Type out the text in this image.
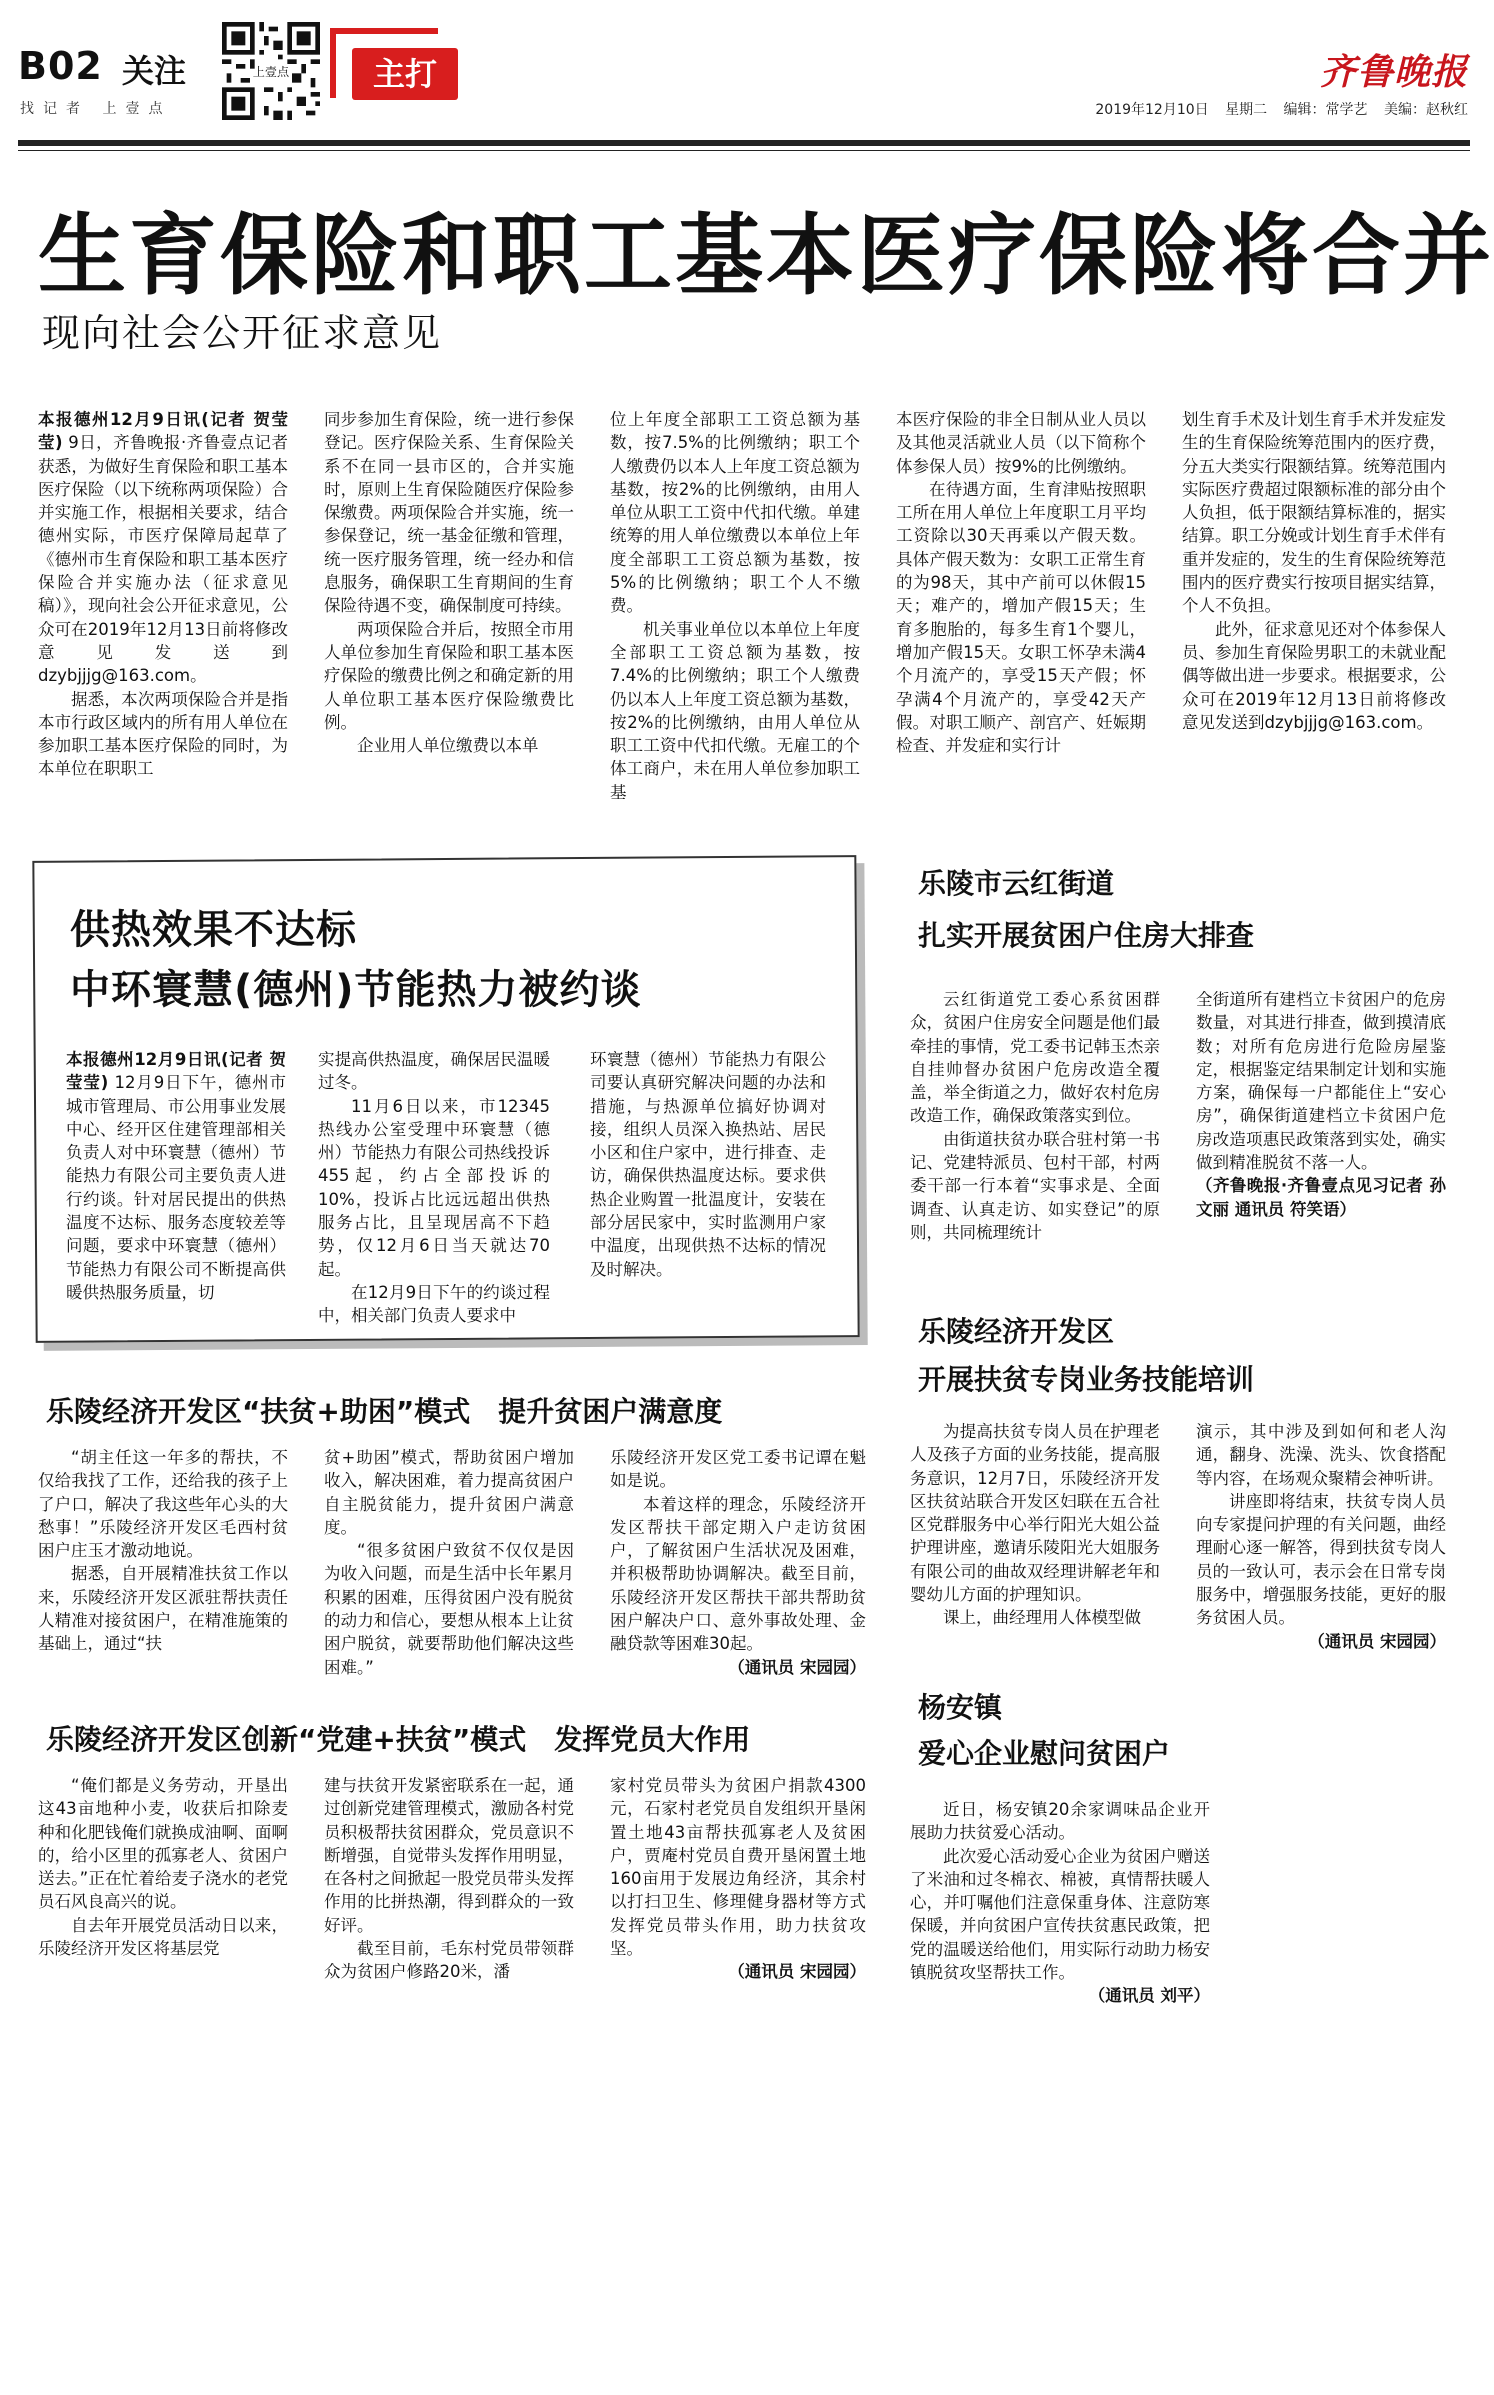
B02 关注
找记者 上壹点
上壹点	主打	齐鲁晚报
2019年12月10日 星期二 编辑：常学艺 美编：赵秋红
生育保险和职工基本医疗保险将合并
现向社会公开征求意见

本报德州12月9日讯(记者 贺莹莹) 9日，齐鲁晚报·齐鲁壹点记者获悉，为做好生育保险和职工基本医疗保险（以下统称两项保险）合并实施工作，根据相关要求，结合德州实际，市医疗保障局起草了《德州市生育保险和职工基本医疗保险合并实施办法（征求意见稿）》，现向社会公开征求意见，公众可在2019年12月13日前将修改意见发送到dzybjjjg@163.com。

据悉，本次两项保险合并是指本市行政区域内的所有用人单位在参加职工基本医疗保险的同时，为本单位在职职工

同步参加生育保险，统一进行参保登记。医疗保险关系、生育保险关系不在同一县市区的，合并实施时，原则上生育保险随医疗保险参保缴费。两项保险合并实施，统一参保登记，统一基金征缴和管理，统一医疗服务管理，统一经办和信息服务，确保职工生育期间的生育保险待遇不变，确保制度可持续。

两项保险合并后，按照全市用人单位参加生育保险和职工基本医疗保险的缴费比例之和确定新的用人单位职工基本医疗保险缴费比例。

企业用人单位缴费以本单

位上年度全部职工工资总额为基数，按7.5%的比例缴纳；职工个人缴费仍以本人上年度工资总额为基数，按2%的比例缴纳，由用人单位从职工工资中代扣代缴。单建统筹的用人单位缴费以本单位上年度全部职工工资总额为基数，按5%的比例缴纳；职工个人不缴费。

机关事业单位以本单位上年度全部职工工资总额为基数，按7.4%的比例缴纳；职工个人缴费仍以本人上年度工资总额为基数，按2%的比例缴纳，由用人单位从职工工资中代扣代缴。无雇工的个体工商户，未在用人单位参加职工基

本医疗保险的非全日制从业人员以及其他灵活就业人员（以下简称个体参保人员）按9%的比例缴纳。

在待遇方面，生育津贴按照职工所在用人单位上年度职工月平均工资除以30天再乘以产假天数。具体产假天数为：女职工正常生育的为98天，其中产前可以休假15天；难产的，增加产假15天；生育多胞胎的，每多生育1个婴儿，增加产假15天。女职工怀孕未满4个月流产的，享受15天产假；怀孕满4个月流产的，享受42天产假。对职工顺产、剖宫产、妊娠期检查、并发症和实行计

划生育手术及计划生育手术并发症发生的生育保险统筹范围内的医疗费，分五大类实行限额结算。统筹范围内实际医疗费超过限额标准的部分由个人负担，低于限额结算标准的，据实结算。职工分娩或计划生育手术伴有重并发症的，发生的生育保险统筹范围内的医疗费实行按项目据实结算，个人不负担。

此外，征求意见还对个体参保人员、参加生育保险男职工的未就业配偶等做出进一步要求。根据要求，公众可在2019年12月13日前将修改意见发送到dzybjjjg@163.com。

供热效果不达标
中环寰慧(德州)节能热力被约谈

本报德州12月9日讯(记者 贺莹莹) 12月9日下午，德州市城市管理局、市公用事业发展中心、经开区住建管理部相关负责人对中环寰慧（德州）节能热力有限公司主要负责人进行约谈。针对居民提出的供热温度不达标、服务态度较差等问题，要求中环寰慧（德州）节能热力有限公司不断提高供暖供热服务质量，切

实提高供热温度，确保居民温暖过冬。

11月6日以来，市12345热线办公室受理中环寰慧（德州）节能热力有限公司热线投诉455起，约占全部投诉的10%，投诉占比远远超出供热服务占比，且呈现居高不下趋势，仅12月6日当天就达70起。

在12月9日下午的约谈过程中，相关部门负责人要求中

环寰慧（德州）节能热力有限公司要认真研究解决问题的办法和措施，与热源单位搞好协调对接，组织人员深入换热站、居民小区和住户家中，进行排查、走访，确保供热温度达标。要求供热企业购置一批温度计，安装在部分居民家中，实时监测用户家中温度，出现供热不达标的情况及时解决。

乐陵市云红街道
扎实开展贫困户住房大排查

云红街道党工委心系贫困群众，贫困户住房安全问题是他们最牵挂的事情，党工委书记韩玉杰亲自挂帅督办贫困户危房改造全覆盖，举全街道之力，做好农村危房改造工作，确保政策落实到位。

由街道扶贫办联合驻村第一书记、党建特派员、包村干部，村两委干部一行本着“实事求是、全面调查、认真走访、如实登记”的原则，共同梳理统计

全街道所有建档立卡贫困户的危房数量，对其进行排查，做到摸清底数；对所有危房进行危险房屋鉴定，根据鉴定结果制定计划和实施方案，确保每一户都能住上“安心房”，确保街道建档立卡贫困户危房改造项惠民政策落到实处，确实做到精准脱贫不落一人。

（齐鲁晚报·齐鲁壹点见习记者 孙文丽 通讯员 符笑语）

乐陵经济开发区
开展扶贫专岗业务技能培训

为提高扶贫专岗人员在护理老人及孩子方面的业务技能，提高服务意识，12月7日，乐陵经济开发区扶贫站联合开发区妇联在五合社区党群服务中心举行阳光大姐公益护理讲座，邀请乐陵阳光大姐服务有限公司的曲故双经理讲解老年和婴幼儿方面的护理知识。

课上，曲经理用人体模型做

演示，其中涉及到如何和老人沟通，翻身、洗澡、洗头、饮食搭配等内容，在场观众聚精会神听讲。

讲座即将结束，扶贫专岗人员向专家提问护理的有关问题，曲经理耐心逐一解答，得到扶贫专岗人员的一致认可，表示会在日常专岗服务中，增强服务技能，更好的服务贫困人员。

（通讯员 宋园园）

乐陵经济开发区“扶贫+助困”模式　提升贫困户满意度

“胡主任这一年多的帮扶，不仅给我找了工作，还给我的孩子上了户口，解决了我这些年心头的大愁事！”乐陵经济开发区毛西村贫困户庄玉才激动地说。

据悉，自开展精准扶贫工作以来，乐陵经济开发区派驻帮扶责任人精准对接贫困户，在精准施策的基础上，通过“扶

贫+助困”模式，帮助贫困户增加收入，解决困难，着力提高贫困户自主脱贫能力，提升贫困户满意度。

“很多贫困户致贫不仅仅是因为收入问题，而是生活中长年累月积累的困难，压得贫困户没有脱贫的动力和信心，要想从根本上让贫困户脱贫，就要帮助他们解决这些困难。”

乐陵经济开发区党工委书记谭在魁如是说。

本着这样的理念，乐陵经济开发区帮扶干部定期入户走访贫困户，了解贫困户生活状况及困难，并积极帮助协调解决。截至目前，乐陵经济开发区帮扶干部共帮助贫困户解决户口、意外事故处理、金融贷款等困难30起。

（通讯员 宋园园）

乐陵经济开发区创新“党建+扶贫”模式　发挥党员大作用

“俺们都是义务劳动，开垦出这43亩地种小麦，收获后扣除麦种和化肥钱俺们就换成油啊、面啊的，给小区里的孤寡老人、贫困户送去。”正在忙着给麦子浇水的老党员石风良高兴的说。

自去年开展党员活动日以来，乐陵经济开发区将基层党

建与扶贫开发紧密联系在一起，通过创新党建管理模式，激励各村党员积极帮扶贫困群众，党员意识不断增强，自觉带头发挥作用明显，在各村之间掀起一股党员带头发挥作用的比拼热潮，得到群众的一致好评。

截至目前，毛东村党员带领群众为贫困户修路20米，潘

家村党员带头为贫困户捐款4300元，石家村老党员自发组织开垦闲置土地43亩帮扶孤寡老人及贫困户，贾庵村党员自费开垦闲置土地160亩用于发展边角经济，其余村以打扫卫生、修理健身器材等方式发挥党员带头作用，助力扶贫攻坚。

（通讯员 宋园园）

杨安镇
爱心企业慰问贫困户

近日，杨安镇20余家调味品企业开展助力扶贫爱心活动。

此次爱心活动爱心企业为贫困户赠送了米油和过冬棉衣、棉被，真情帮扶暖人心，并叮嘱他们注意保重身体、注意防寒保暖，并向贫困户宣传扶贫惠民政策，把党的温暖送给他们，用实际行动助力杨安镇脱贫攻坚帮扶工作。

（通讯员 刘平）
